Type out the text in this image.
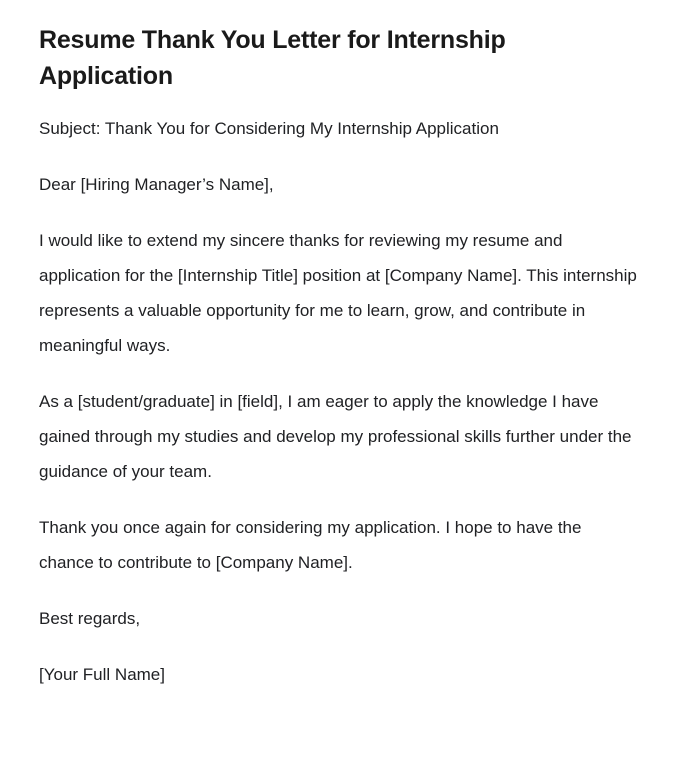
Resume Thank You Letter for Internship Application

Subject: Thank You for Considering My Internship Application

Dear [Hiring Manager’s Name],

I would like to extend my sincere thanks for reviewing my resume and application for the [Internship Title] position at [Company Name]. This internship represents a valuable opportunity for me to learn, grow, and contribute in meaningful ways.

As a [student/graduate] in [field], I am eager to apply the knowledge I have gained through my studies and develop my professional skills further under the guidance of your team.

Thank you once again for considering my application. I hope to have the chance to contribute to [Company Name].

Best regards,

[Your Full Name]
